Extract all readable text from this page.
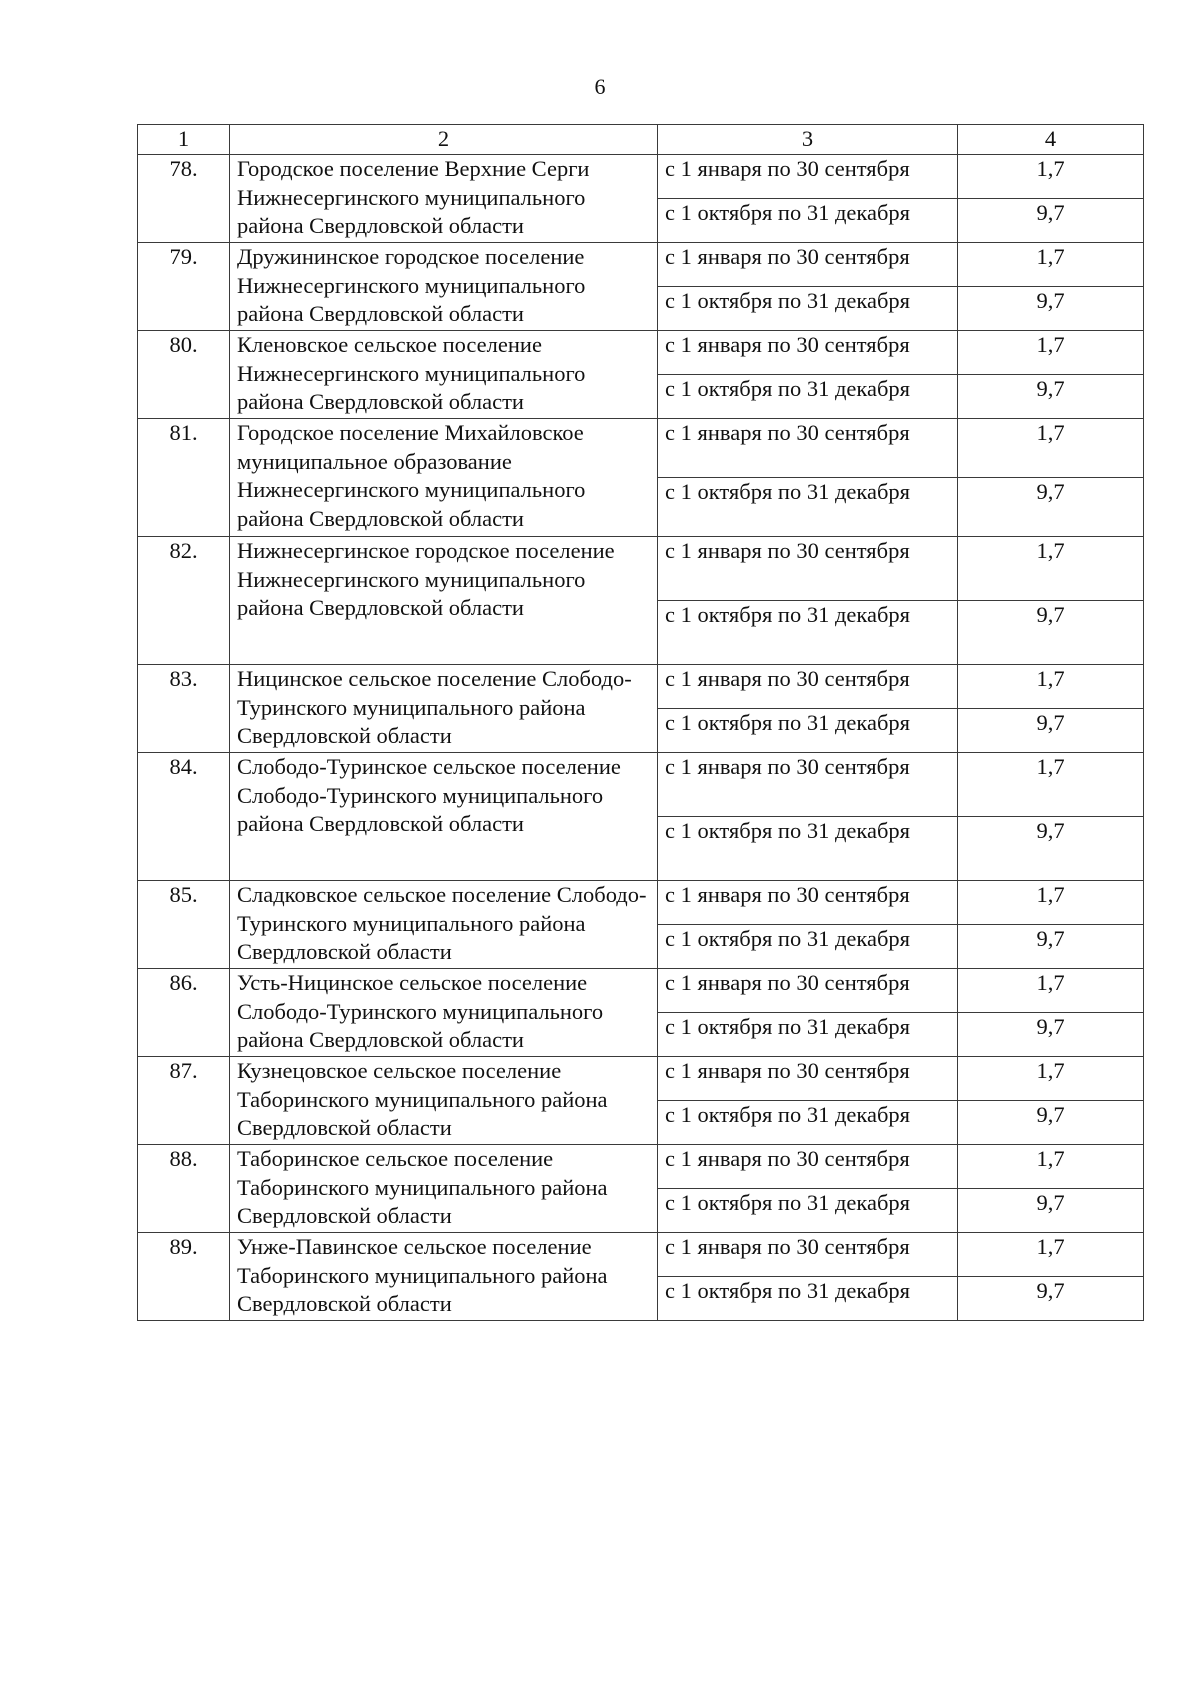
6
1	2	3	4
78.	Городское поселение Верхние Серги Нижнесергинского муниципального района Свердловской области	с 1 января по 30 сентября	1,7
		с 1 октября по 31 декабря	9,7
79.	Дружининское городское поселение Нижнесергинского муниципального района Свердловской области	с 1 января по 30 сентября	1,7
		с 1 октября по 31 декабря	9,7
80.	Кленовское сельское поселение Нижнесергинского муниципального района Свердловской области	с 1 января по 30 сентября	1,7
		с 1 октября по 31 декабря	9,7
81.	Городское поселение Михайловское муниципальное образование Нижнесергинского муниципального района Свердловской области	с 1 января по 30 сентября	1,7
		с 1 октября по 31 декабря	9,7
82.	Нижнесергинское городское поселение Нижнесергинского муниципального района Свердловской области	с 1 января по 30 сентября	1,7
		с 1 октября по 31 декабря	9,7
83.	Ницинское сельское поселение Слободо-Туринского муниципального района Свердловской области	с 1 января по 30 сентября	1,7
		с 1 октября по 31 декабря	9,7
84.	Слободо-Туринское сельское поселение Слободо-Туринского муниципального района Свердловской области	с 1 января по 30 сентября	1,7
		с 1 октября по 31 декабря	9,7
85.	Сладковское сельское поселение Слободо-Туринского муниципального района Свердловской области	с 1 января по 30 сентября	1,7
		с 1 октября по 31 декабря	9,7
86.	Усть-Ницинское сельское поселение Слободо-Туринского муниципального района Свердловской области	с 1 января по 30 сентября	1,7
		с 1 октября по 31 декабря	9,7
87.	Кузнецовское сельское поселение Таборинского муниципального района Свердловской области	с 1 января по 30 сентября	1,7
		с 1 октября по 31 декабря	9,7
88.	Таборинское сельское поселение Таборинского муниципального района Свердловской области	с 1 января по 30 сентября	1,7
		с 1 октября по 31 декабря	9,7
89.	Унже-Павинское сельское поселение Таборинского муниципального района Свердловской области	с 1 января по 30 сентября	1,7
		с 1 октября по 31 декабря	9,7
